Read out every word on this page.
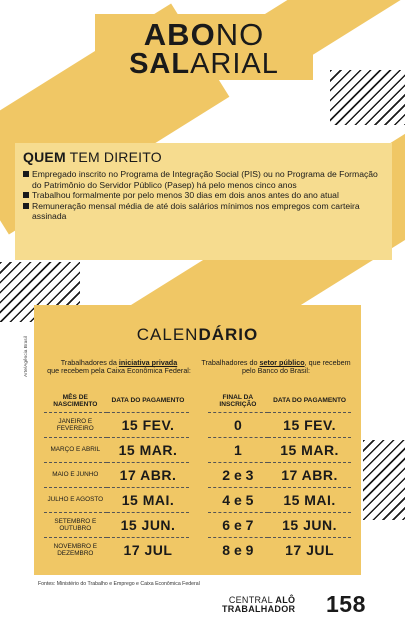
ABONO
SALARIAL
QUEM TEM DIREITO
Empregado inscrito no Programa de Integração Social (PIS) ou no Programa de Formação do Patrimônio do Servidor Público (Pasep) há pelo menos cinco anos
Trabalhou formalmente por pelo menos 30 dias em dois anos antes do ano atual
Remuneração mensal média de até dois salários mínimos nos empregos com carteira assinada
Arte/Agência Brasil
CALENDÁRIO
Trabalhadores da iniciativa privada
que recebem pela Caixa Econômica Federal:
Trabalhadores do setor público, que recebem pelo Banco do Brasil:
MÊS DE NASCIMENTO	DATA DO PAGAMENTO		FINAL DA INSCRIÇÃO	DATA DO PAGAMENTO
JANEIRO E FEVEREIRO	15 FEV.		0	15 FEV.
MARÇO E ABRIL	15 MAR.		1	15 MAR.
MAIO E JUNHO	17 ABR.		2 e 3	17 ABR.
JULHO E AGOSTO	15 MAI.		4 e 5	15 MAI.
SETEMBRO E OUTUBRO	15 JUN.		6 e 7	15 JUN.
NOVEMBRO E DEZEMBRO	17 JUL		8 e 9	17 JUL
Fontes: Ministério do Trabalho e Emprego e Caixa Econômica Federal
CENTRAL ALÔ
TRABALHADOR 158
